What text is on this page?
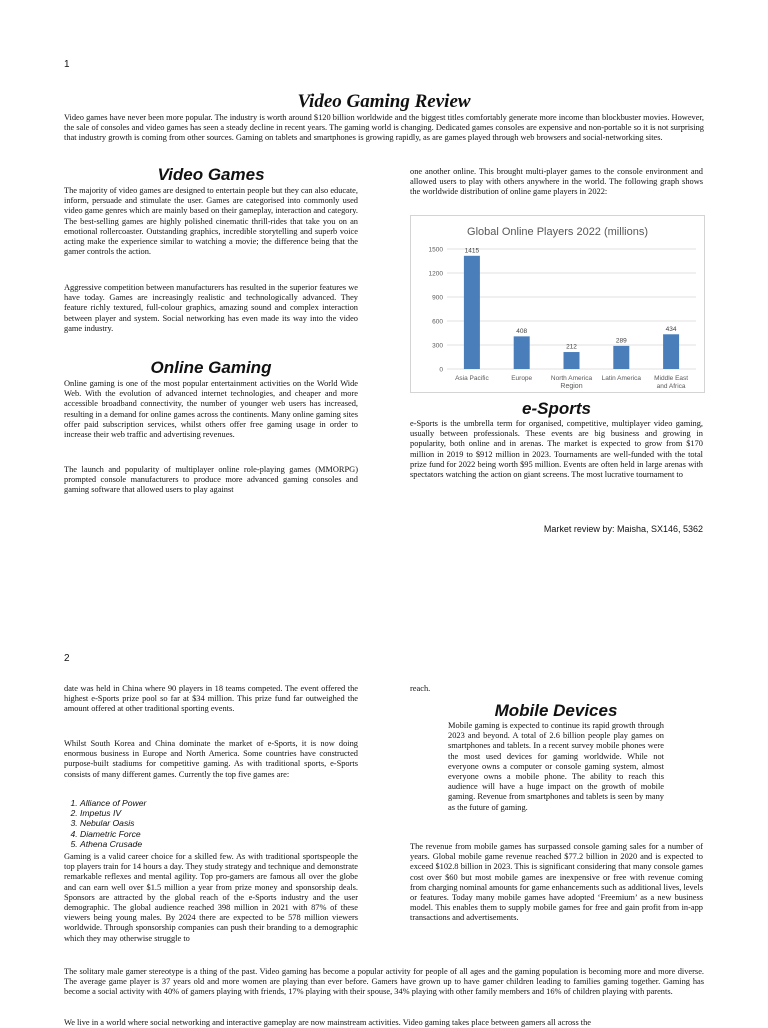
1
Video Gaming Review
Video games have never been more popular. The industry is worth around $120 billion worldwide and the biggest titles comfortably generate more income than blockbuster movies. However, the sale of consoles and video games has seen a steady decline in recent years. The gaming world is changing. Dedicated games consoles are expensive and non-portable so it is not surprising that industry growth is coming from other sources. Gaming on tablets and smartphones is growing rapidly, as are games played through web browsers and social-networking sites.
Video Games
The majority of video games are designed to entertain people but they can also educate, inform, persuade and stimulate the user. Games are categorised into commonly used video game genres which are mainly based on their gameplay, interaction and category. The best-selling games are highly polished cinematic thrill-rides that take you on an emotional rollercoaster. Outstanding graphics, incredible storytelling and superb voice acting make the experience similar to watching a movie; the difference being that the gamer controls the action.
Aggressive competition between manufacturers has resulted in the superior features we have today. Games are increasingly realistic and technologically advanced. They feature richly textured, full-colour graphics, amazing sound and complex interaction between player and system. Social networking has even made its way into the video game industry.
Online Gaming
Online gaming is one of the most popular entertainment activities on the World Wide Web. With the evolution of advanced internet technologies, and cheaper and more accessible broadband connectivity, the number of younger web users has increased, resulting in a demand for online games across the continents. Many online gaming sites offer paid subscription services, whilst others offer free gaming usage in order to increase their web traffic and advertising revenues.
The launch and popularity of multiplayer online role-playing games (MMORPG) prompted console manufacturers to produce more advanced gaming consoles and gaming software that allowed users to play against
one another online. This brought multi-player games to the console environment and allowed users to play with others anywhere in the world. The following graph shows the worldwide distribution of online game players in 2022:
Global Online Players 2022 (millions)
0
300
600
900
1200
1500	1415
408
212
289
434
Asia Pacific	Europe	North America Latin America Middle East and Africa
Region
e-Sports
e-Sports is the umbrella term for organised, competitive, multiplayer video gaming, usually between professionals. These events are big business and growing in popularity, both online and in arenas. The market is expected to grow from $170 million in 2019 to $912 million in 2023. Tournaments are well-funded with the total prize fund for 2022 being worth $95 million. Events are often held in large arenas with spectators watching the action on giant screens. The most lucrative tournament to
Market review by: Maisha, SX146, 5362
2
date was held in China where 90 players in 18 teams competed. The event offered the highest e-Sports prize pool so far at $34 million. This prize fund far outweighed the amount offered at other traditional sporting events.
Whilst South Korea and China dominate the market of e-Sports, it is now doing enormous business in Europe and North America. Some countries have constructed purpose-built stadiums for competitive gaming. As with traditional sports, e-Sports consists of many different games. Currently the top five games are:
1. Alliance of Power
2. Impetus IV
3. Nebular Oasis
4. Diametric Force
5. Athena Crusade
Gaming is a valid career choice for a skilled few. As with traditional sportspeople the top players train for 14 hours a day. They study strategy and technique and demonstrate remarkable reflexes and mental agility. Top pro-gamers are famous all over the globe and can earn well over $1.5 million a year from prize money and sponsorship deals. Sponsors are attracted by the global reach of the e-Sports industry and the user demographic. The global audience reached 398 million in 2021 with 87% of these viewers being young males. By 2024 there are expected to be 578 million viewers worldwide. Through sponsorship companies can push their branding to a demographic which they may otherwise struggle to
reach.
Mobile Devices
Mobile gaming is expected to continue its rapid growth through 2023 and beyond. A total of 2.6 billion people play games on smartphones and tablets. In a recent survey mobile phones were the most used devices for gaming worldwide. While not everyone owns a computer or console gaming system, almost everyone owns a mobile phone. The ability to reach this audience will have a huge impact on the growth of mobile gaming. Revenue from smartphones and tablets is seen by many as the future of gaming.
The revenue from mobile games has surpassed console gaming sales for a number of years. Global mobile game revenue reached $77.2 billion in 2020 and is expected to exceed $102.8 billion in 2023. This is significant considering that many console games cost over $60 but most mobile games are inexpensive or free with revenue coming from charging nominal amounts for game enhancements such as additional lives, levels or features. Today many mobile games have adopted ‘Freemium’ as a new business model. This enables them to supply mobile games for free and gain profit from in-app transactions and advertisements.
The solitary male gamer stereotype is a thing of the past. Video gaming has become a popular activity for people of all ages and the gaming population is becoming more and more diverse. The average game player is 37 years old and more women are playing than ever before. Gamers have grown up to have gamer children leading to families gaming together. Gaming has become a social activity with 40% of gamers playing with friends, 17% playing with their spouse, 34% playing with other family members and 16% of children playing with parents.
We live in a world where social networking and interactive gameplay are now mainstream activities. Video gaming takes place between gamers all across the
